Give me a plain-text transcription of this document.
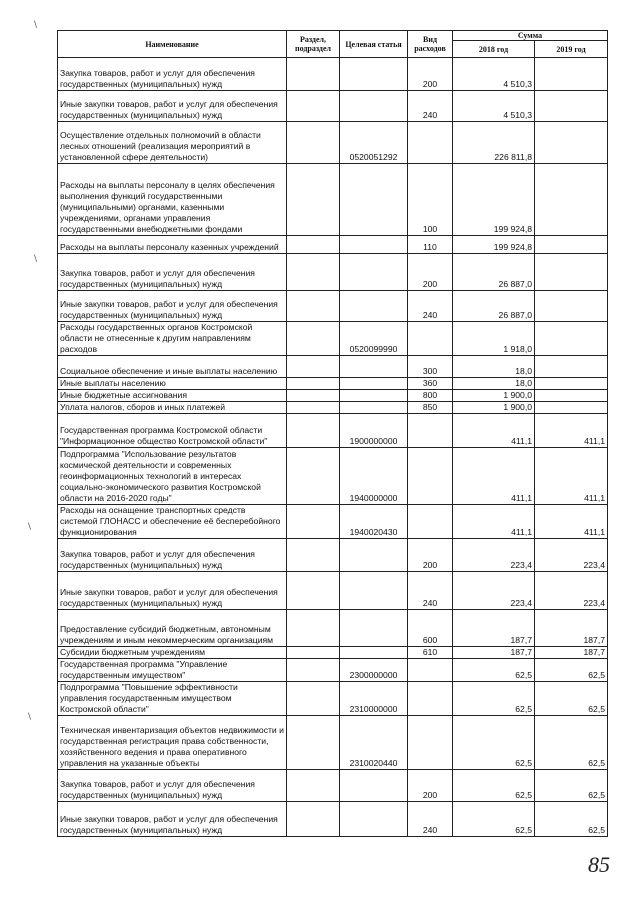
Наименование	Раздел, подраздел	Целевая статья	Вид расходов	Сумма	
				2018 год	2019 год
Закупка товаров, работ и услуг для обеспечения государственных (муниципальных) нужд			200	4 510,3	
Иные закупки товаров, работ и услуг для обеспечения государственных (муниципальных) нужд			240	4 510,3	
Осуществление отдельных полномочий в области лесных отношений (реализация мероприятий в установленной сфере деятельности)		0520051292		226 811,8	
Расходы на выплаты персоналу в целях обеспечения выполнения функций государственными (муниципальными) органами, казенными учреждениями, органами управления государственными внебюджетными фондами			100	199 924,8	
Расходы на выплаты персоналу казенных учреждений			110	199 924,8	
Закупка товаров, работ и услуг для обеспечения государственных (муниципальных) нужд			200	26 887,0	
Иные закупки товаров, работ и услуг для обеспечения государственных (муниципальных) нужд			240	26 887,0	
Расходы государственных органов Костромской области не отнесенные к другим направлениям расходов		0520099990		1 918,0	
Социальное обеспечение и иные выплаты населению			300	18,0	
Иные выплаты населению			360	18,0	
Иные бюджетные ассигнования			800	1 900,0	
Уплата налогов, сборов и иных платежей			850	1 900,0	
Государственная программа Костромской области "Информационное общество Костромской области"		1900000000		411,1	411,1
Подпрограмма "Использование результатов космической деятельности и современных геоинформационных технологий в интересах социально-экономического развития Костромской области на 2016-2020 годы"		1940000000		411,1	411,1
Расходы на оснащение транспортных средств системой ГЛОНАСС и обеспечение её бесперебойного функционирования		1940020430		411,1	411,1
Закупка товаров, работ и услуг для обеспечения государственных (муниципальных) нужд			200	223,4	223,4
Иные закупки товаров, работ и услуг для обеспечения государственных (муниципальных) нужд			240	223,4	223,4
Предоставление субсидий бюджетным, автономным учреждениям и иным некоммерческим организациям			600	187,7	187,7
Субсидии бюджетным учреждениям			610	187,7	187,7
Государственная программа "Управление государственным имуществом"		2300000000		62,5	62,5
Подпрограмма "Повышение эффективности управления государственным имуществом Костромской области"		2310000000		62,5	62,5
Техническая инвентаризация объектов недвижимости и государственная регистрация права собственности, хозяйственного ведения и права оперативного управления на указанные объекты		2310020440		62,5	62,5
Закупка товаров, работ и услуг для обеспечения государственных (муниципальных) нужд			200	62,5	62,5
Иные закупки товаров, работ и услуг для обеспечения государственных (муниципальных) нужд			240	62,5	62,5
85
\
\
\
\
